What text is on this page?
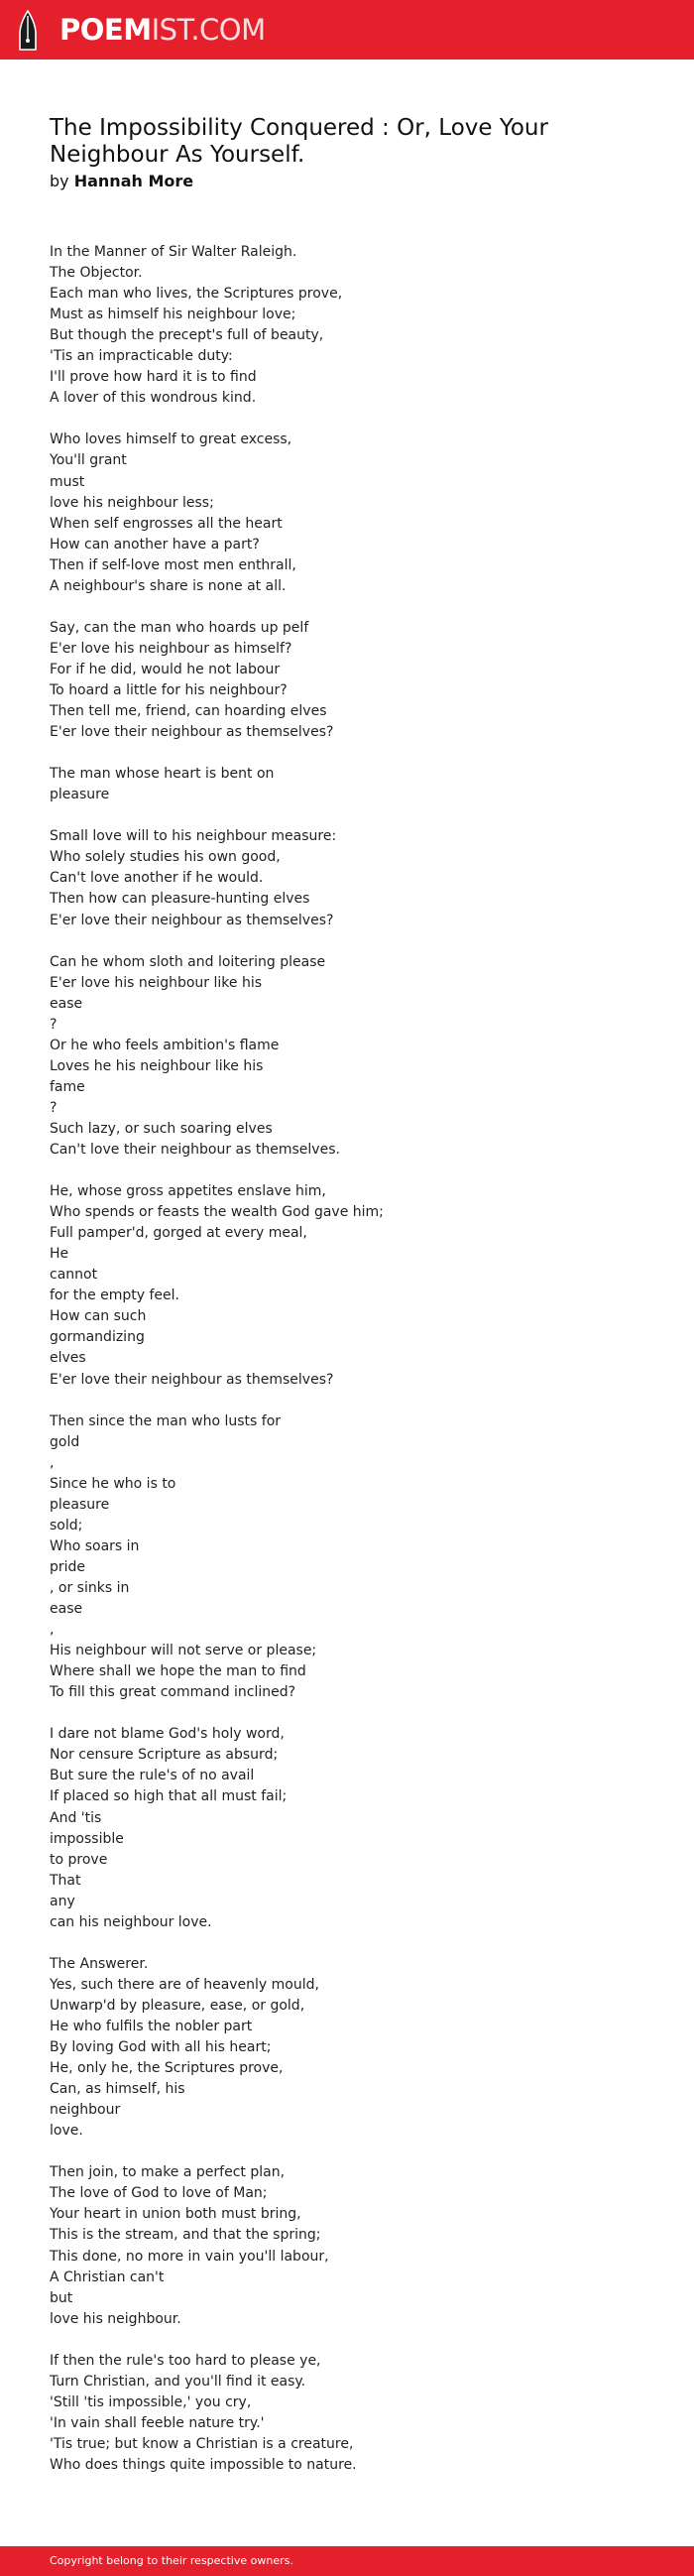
POEMIST.COM
The Impossibility Conquered : Or, Love Your Neighbour As Yourself.
by Hannah More
In the Manner of Sir Walter Raleigh.
The Objector.
Each man who lives, the Scriptures prove,
Must as himself his neighbour love;
But though the precept's full of beauty,
'Tis an impracticable duty:
I'll prove how hard it is to find
A lover of this wondrous kind.
Who loves himself to great excess,
You'll grant
must
love his neighbour less;
When self engrosses all the heart
How can another have a part?
Then if self-love most men enthrall,
A neighbour's share is none at all.
Say, can the man who hoards up pelf
E'er love his neighbour as himself?
For if he did, would he not labour
To hoard a little for his neighbour?
Then tell me, friend, can hoarding elves
E'er love their neighbour as themselves?
The man whose heart is bent on
pleasure
Small love will to his neighbour measure:
Who solely studies his own good,
Can't love another if he would.
Then how can pleasure-hunting elves
E'er love their neighbour as themselves?
Can he whom sloth and loitering please
E'er love his neighbour like his
ease
?
Or he who feels ambition's flame
Loves he his neighbour like his
fame
?
Such lazy, or such soaring elves
Can't love their neighbour as themselves.
He, whose gross appetites enslave him,
Who spends or feasts the wealth God gave him;
Full pamper'd, gorged at every meal,
He
cannot
for the empty feel.
How can such
gormandizing
elves
E'er love their neighbour as themselves?
Then since the man who lusts for
gold
,
Since he who is to
pleasure
sold;
Who soars in
pride
, or sinks in
ease
,
His neighbour will not serve or please;
Where shall we hope the man to find
To fill this great command inclined?
I dare not blame God's holy word,
Nor censure Scripture as absurd;
But sure the rule's of no avail
If placed so high that all must fail;
And 'tis
impossible
to prove
That
any
can his neighbour love.
The Answerer.
Yes, such there are of heavenly mould,
Unwarp'd by pleasure, ease, or gold,
He who fulfils the nobler part
By loving God with all his heart;
He, only he, the Scriptures prove,
Can, as himself, his
neighbour
love.
Then join, to make a perfect plan,
The love of God to love of Man;
Your heart in union both must bring,
This is the stream, and that the spring;
This done, no more in vain you'll labour,
A Christian can't
but
love his neighbour.
If then the rule's too hard to please ye,
Turn Christian, and you'll find it easy.
'Still 'tis impossible,' you cry,
'In vain shall feeble nature try.'
'Tis true; but know a Christian is a creature,
Who does things quite impossible to nature.
Copyright belong to their respective owners.
